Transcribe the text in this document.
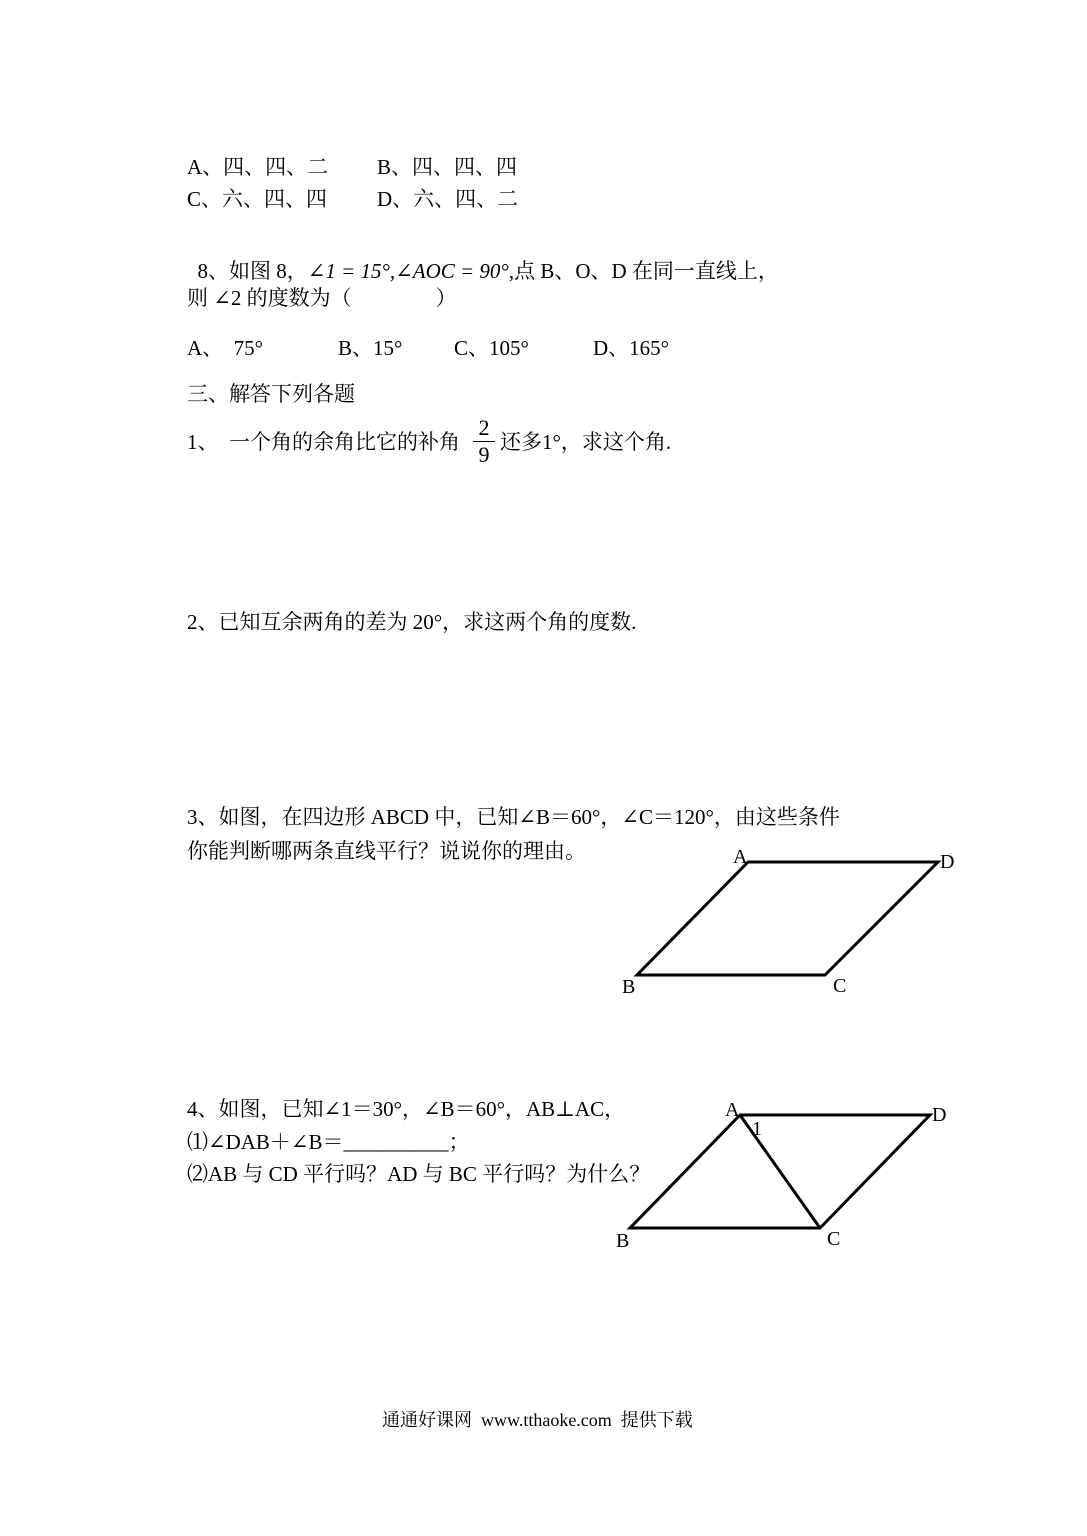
A、四、四、二 B、四、四、四
C、六、四、四 D、六、四、二

8、如图 8，∠1 = 15°,∠AOC = 90°,点 B、O、D 在同一直线上，

则 ∠2 的度数为（　　　　）
A、  75°	B、15° C、105°	D、165°
三、解答下列各题
1、  一个角的余角比它的补角
2
9 还多1°，求这个角.
2、已知互余两角的差为 20°，求这两个角的度数.
3、如图，在四边形 ABCD 中，已知∠B＝60°，∠C＝120°，由这些条件
你能判断哪两条直线平行？说说你的理由。	A	D
B	C
4、如图，已知∠1＝30°，∠B＝60°，AB⊥AC，
⑴∠DAB＋∠B＝__________；
⑵AB 与 CD 平行吗？AD 与 BC 平行吗？为什么？
A
1
D
B	C
通通好课网  www.tthaoke.com  提供下载
